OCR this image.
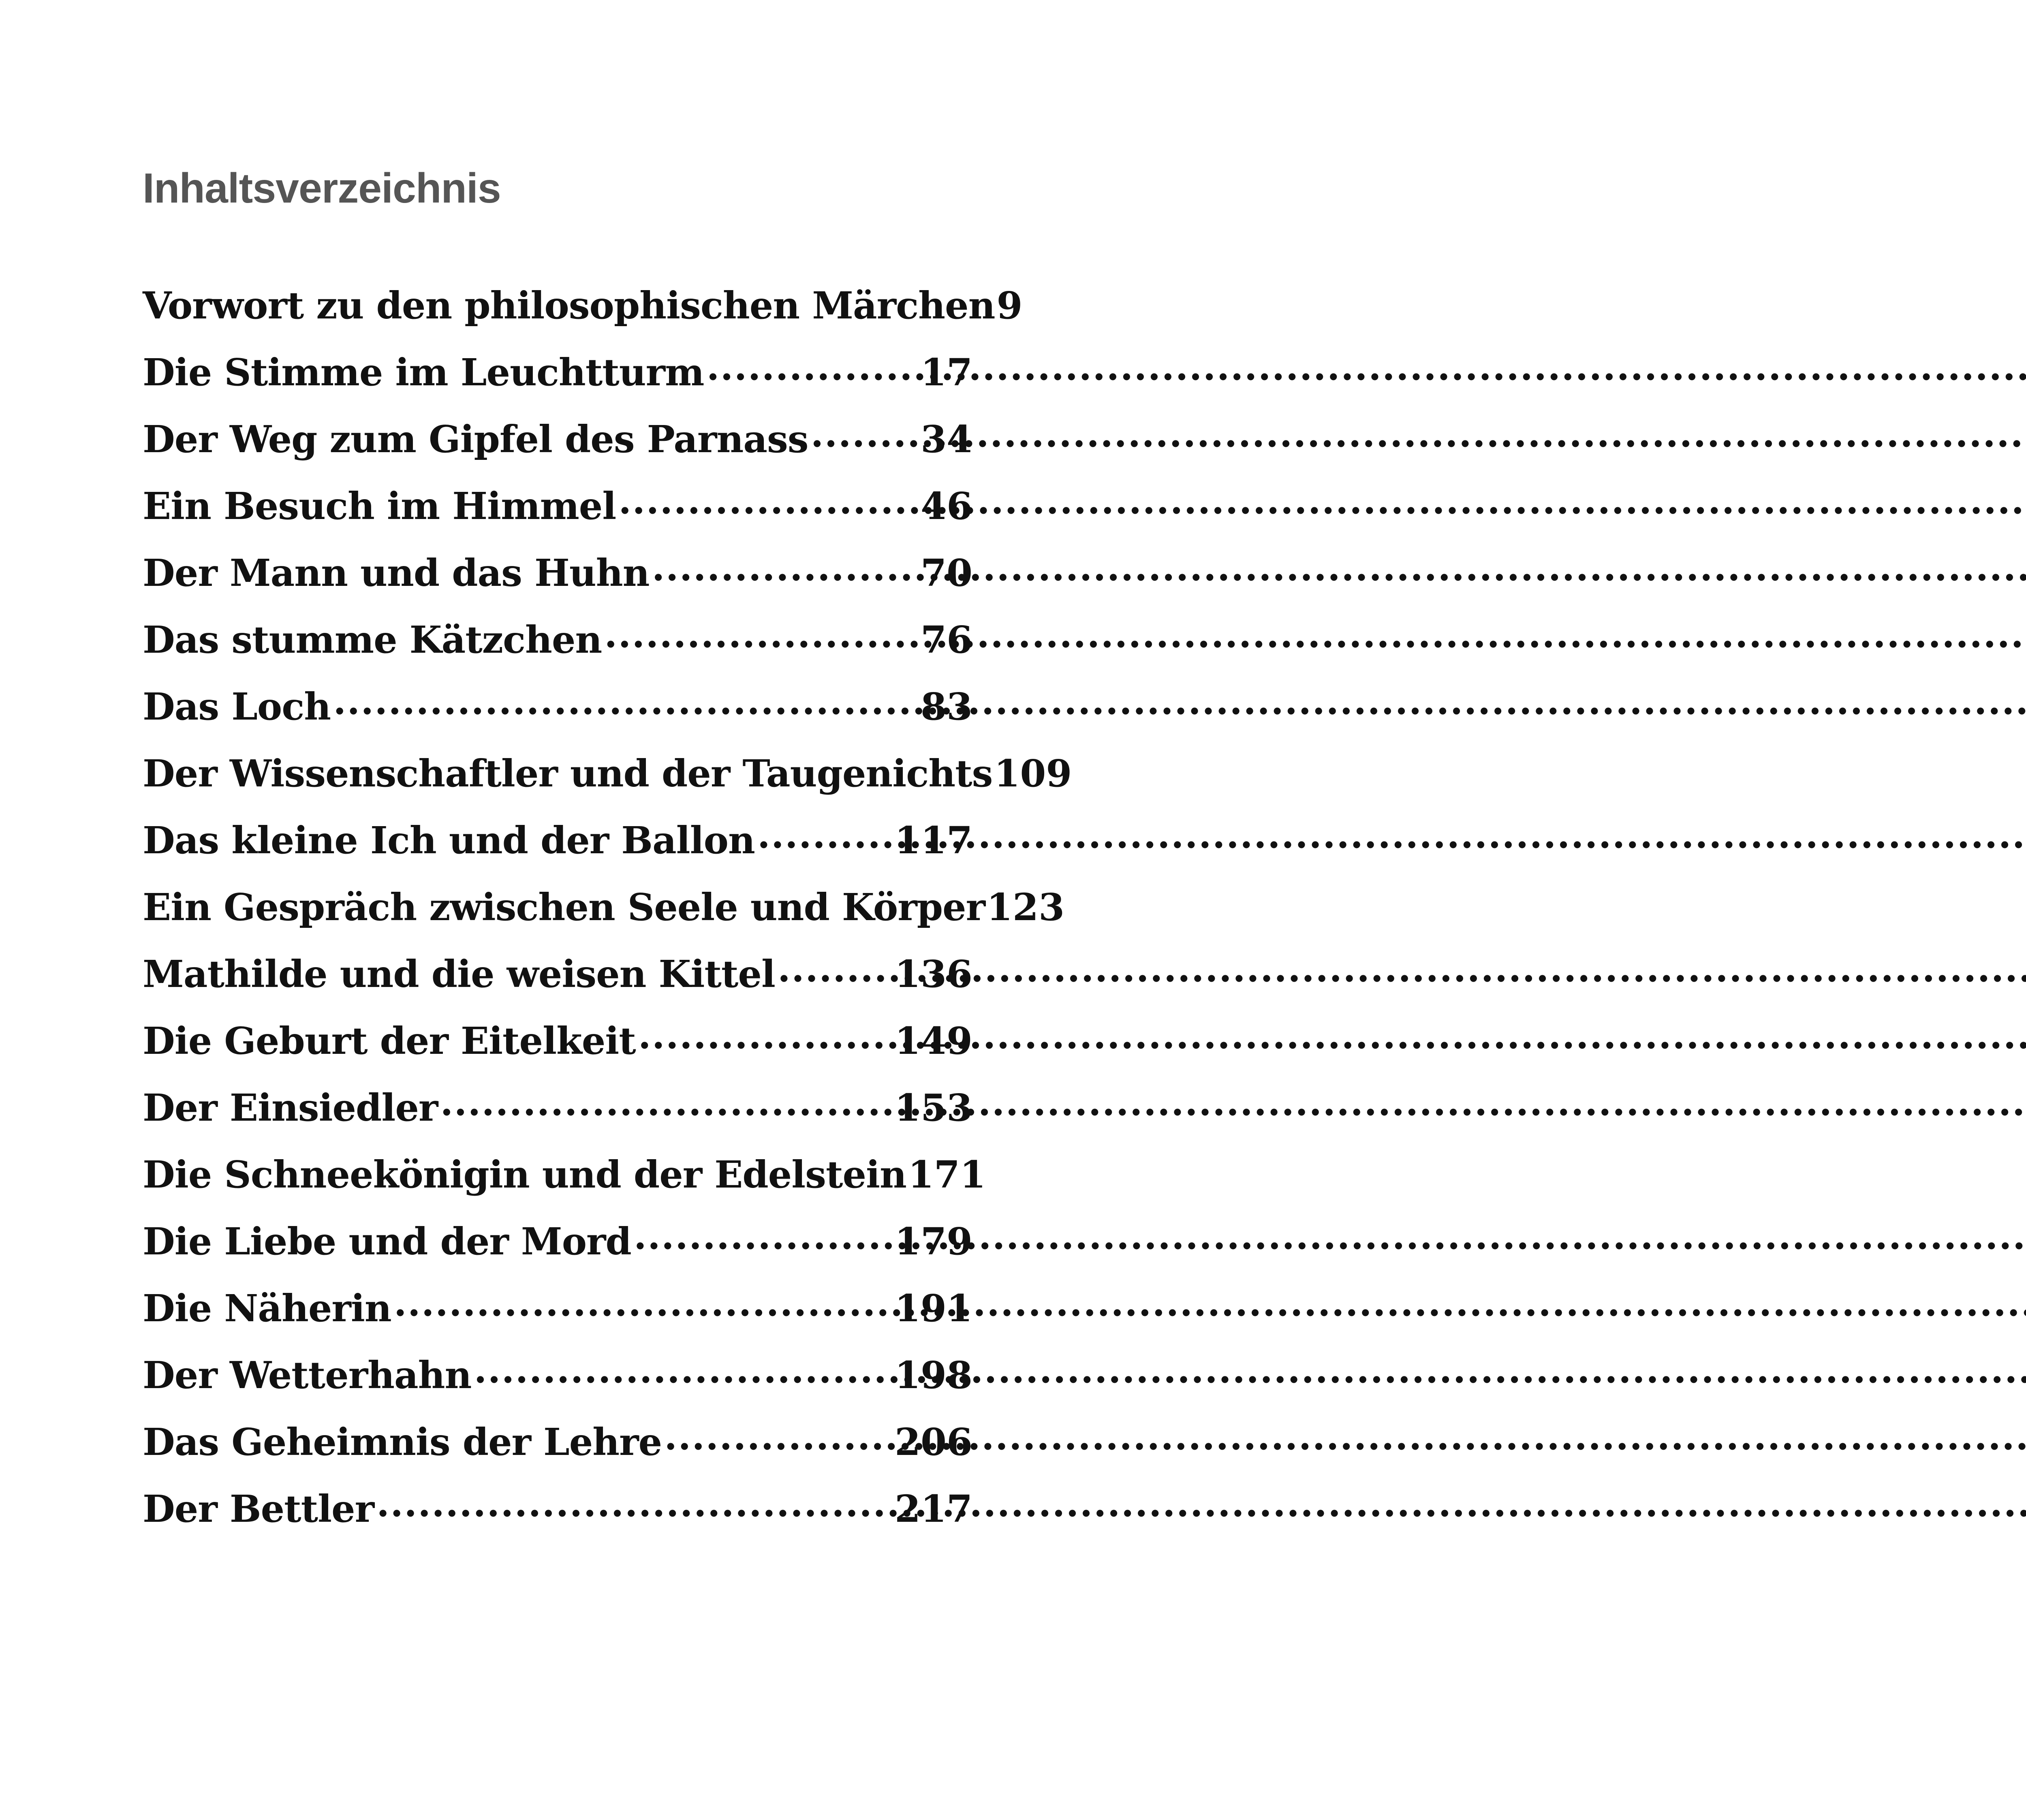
Inhaltsverzeichnis
Vorwort zu den philosophischen Märchen 9
Die Stimme im Leuchtturm .....	17
Der Weg zum Gipfel des Parnass .....	34
Ein Besuch im Himmel .....	46
Der Mann und das Huhn .....	70
Das stumme Kätzchen .....	76
Das Loch .....	83
Der Wissenschaftler und der Taugenichts 109
Das kleine Ich und der Ballon .....	117
Ein Gespräch zwischen Seele und Körper 123
Mathilde und die weisen Kittel .....	136
Die Geburt der Eitelkeit .....	149
Der Einsiedler .....	153
Die Schneekönigin und der Edelstein 171
Die Liebe und der Mord .....	179
Die Näherin .....	191
Der Wetterhahn .....	198
Das Geheimnis der Lehre .....	206
Der Bettler .....	217
